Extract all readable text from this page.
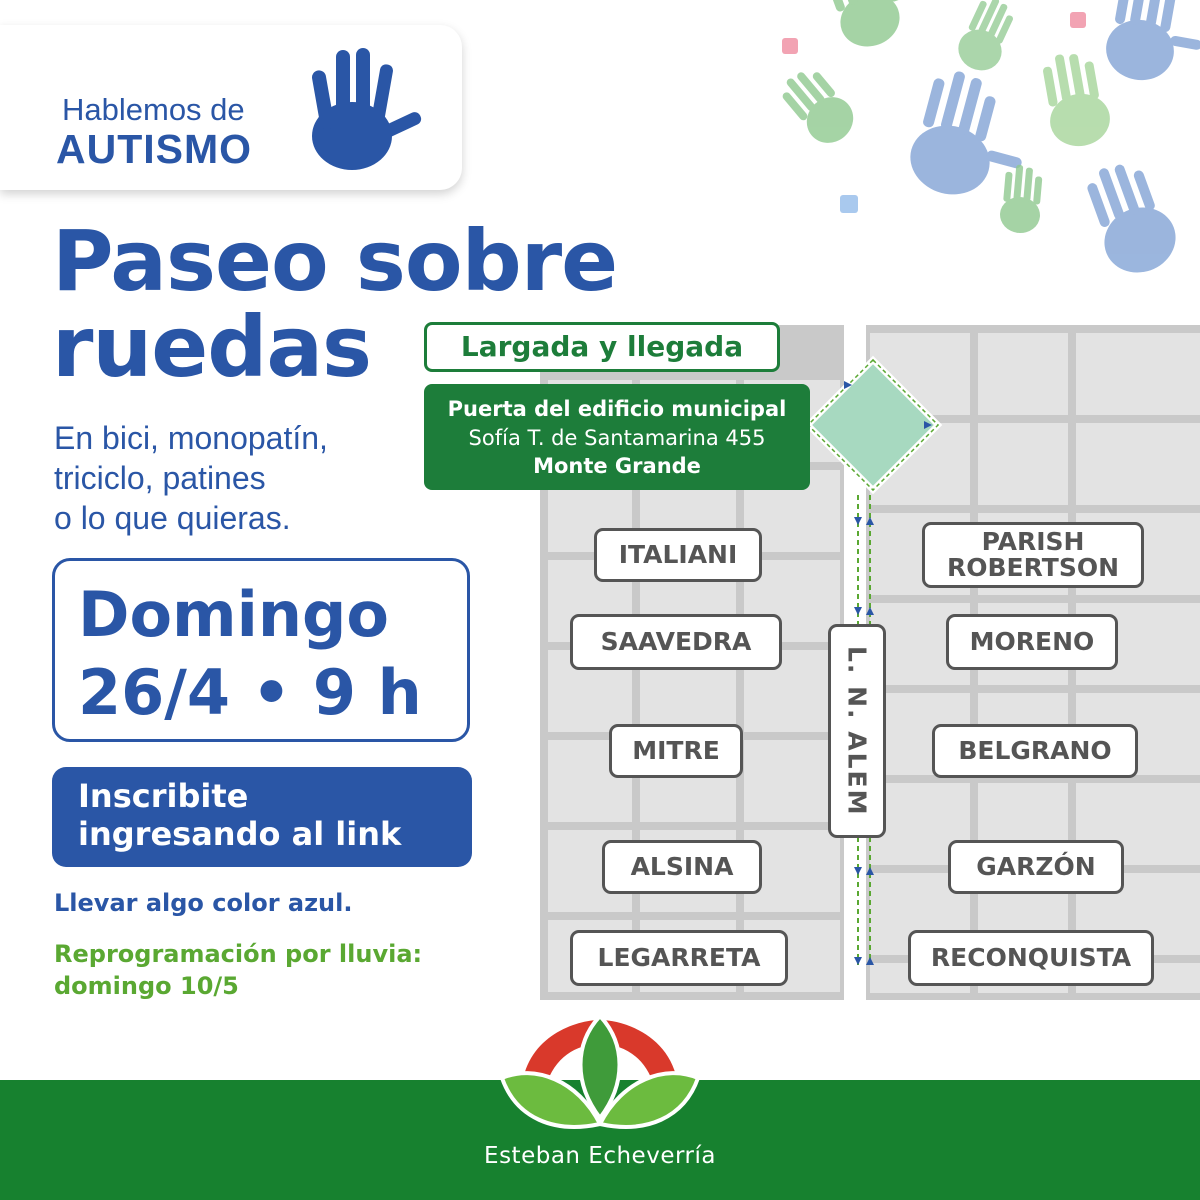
Hablemos de
AUTISMO
Paseo sobre
ruedas
En bici, monopatín,
triciclo, patines
o lo que quieras.
Domingo
26/4 • 9 h
Inscribite
ingresando al link
Llevar algo color azul.
Reprogramación por lluvia:
domingo 10/5
Largada y llegada
Puerta del edificio municipal
Sofía T. de Santamarina 455
Monte Grande
ITALIANI
SAAVEDRA
MITRE
ALSINA
LEGARRETA
PARISH
ROBERTSON
MORENO
BELGRANO
GARZÓN
RECONQUISTA
L. N. ALEM
Esteban Echeverría
